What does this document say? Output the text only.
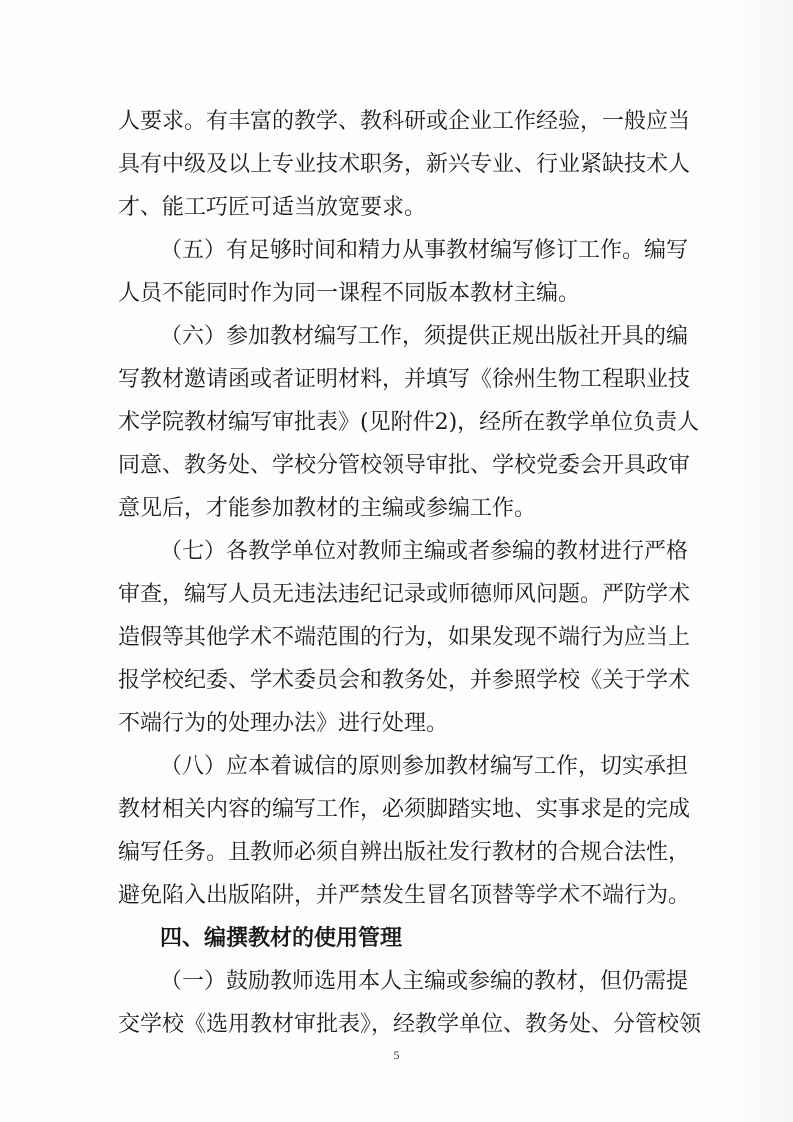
人要求。有丰富的教学、教科研或企业工作经验，一般应当
具有中级及以上专业技术职务，新兴专业、行业紧缺技术人
才、能工巧匠可适当放宽要求。
（五）有足够时间和精力从事教材编写修订工作。编写
人员不能同时作为同一课程不同版本教材主编。
（六）参加教材编写工作，须提供正规出版社开具的编
写教材邀请函或者证明材料，并填写《徐州生物工程职业技
术学院教材编写审批表》(见附件2)，经所在教学单位负责人
同意、教务处、学校分管校领导审批、学校党委会开具政审
意见后，才能参加教材的主编或参编工作。
（七）各教学单位对教师主编或者参编的教材进行严格
审查，编写人员无违法违纪记录或师德师风问题。严防学术
造假等其他学术不端范围的行为，如果发现不端行为应当上
报学校纪委、学术委员会和教务处，并参照学校《关于学术
不端行为的处理办法》进行处理。
（八）应本着诚信的原则参加教材编写工作，切实承担
教材相关内容的编写工作，必须脚踏实地、实事求是的完成
编写任务。且教师必须自辨出版社发行教材的合规合法性，
避免陷入出版陷阱，并严禁发生冒名顶替等学术不端行为。
四、编撰教材的使用管理
（一）鼓励教师选用本人主编或参编的教材，但仍需提
交学校《选用教材审批表》，经教学单位、教务处、分管校领
5
